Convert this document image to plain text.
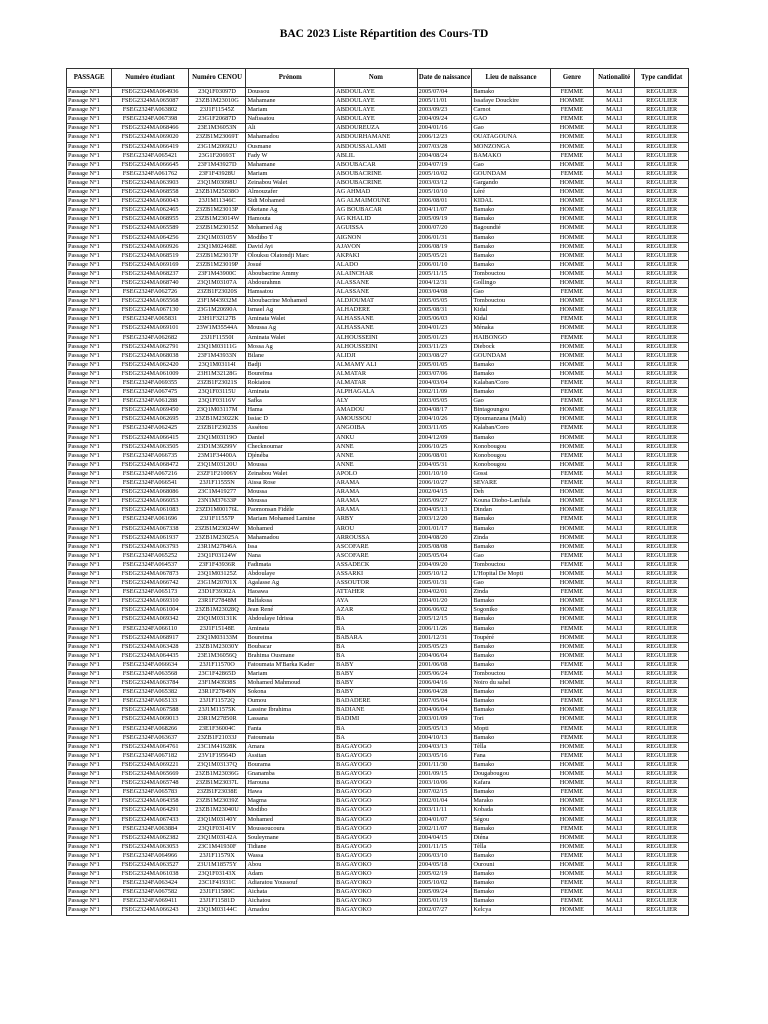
BAC 2023 Liste Répartition des Cours-TD
PASSAGE	Numéro étudiant	Numéro CENOU	Prénom	Nom	Date de naissance	Lieu de naissance	Genre	Nationalité	Type candidat
Passage N°1	FSEG2324MA064936	23Q1F03097D	Doussou	ABDOULAYE	2005/07/04	Bamako	FEMME	MALI	REGULIER
Passage N°1	FSEG2324MA065087	23ZB1M23010G	Mahamane	ABDOULAYE	2005/11/01	Issafaye Douckire	HOMME	MALI	REGULIER
Passage N°1	FSEG2324FA063802	23J1F11545Z	Mariam	ABDOULAYE	2003/09/23	Carnot	FEMME	MALI	REGULIER
Passage N°1	FSEG2324FA067398	23G1F20687D	Nafissatou	ABDOULAYE	2004/09/24	GAO	FEMME	MALI	REGULIER
Passage N°1	FSEG2324MA068466	23E1M36053N	Ali	ABDOUREUZA	2004/01/16	Gao	HOMME	MALI	REGULIER
Passage N°1	FSEG2324MA069020	23ZB1M23069T	Mahamadou	ABDOURHAMANE	2006/12/23	OUATAGOUNA	HOMME	MALI	REGULIER
Passage N°1	FSEG2324MA066419	23G1M20692U	Ousmane	ABDOUSSALAMI	2007/03/28	MONZONGA	HOMME	MALI	REGULIER
Passage N°1	FSEG2324FA065421	23G1F20693T	Fady W	ABLIL	2004/08/24	BAMAKO	FEMME	MALI	REGULIER
Passage N°1	FSEG2324MA066645	23F1M43927D	Mahamane	ABOUBACAR	2004/07/19	Gao	HOMME	MALI	REGULIER
Passage N°1	FSEG2324FA061762	23F1F43928U	Mariam	ABOUBACRINE	2005/10/02	GOUNDAM	FEMME	MALI	REGULIER
Passage N°1	FSEG2324MA063903	23Q1M03098U	Zeinabou Walet	ABOUBACRINE	2003/03/12	Gargando	HOMME	MALI	REGULIER
Passage N°1	FSEG2324MA068558	23ZB1M25038O	Almouzafer	AG AHMAD	2005/10/10	Léré	HOMME	MALI	REGULIER
Passage N°1	FSEG2324MA060043	23J1M11346C	Sidi Mohamed	AG ALMAIMOUNE	2006/08/01	KIDAL	HOMME	MALI	REGULIER
Passage N°1	FSEG2324MA062465	23ZB1M23013P	Oketane Ag	AG BOUBACAR	2004/11/07	Bamako	HOMME	MALI	REGULIER
Passage N°1	FSEG2324MA068955	23ZB1M23014W	Hamouta	AG KHALID	2005/09/19	Bamako	HOMME	MALI	REGULIER
Passage N°1	FSEG2324MA065589	23ZB1M23015Z	Mohamed Ag	AGUISSA	2000/07/20	Bagoundié	HOMME	MALI	REGULIER
Passage N°1	FSEG2324MA064256	23Q1M03105V	Modibo T	AIGNON	2006/01/31	Bamako	HOMME	MALI	REGULIER
Passage N°1	FSEG2324MA060926	23Q1M02468E	David Ayi	AJAVON	2006/08/19	Bamako	HOMME	MALI	REGULIER
Passage N°1	FSEG2324MA068519	23ZB1M23017F	Olouksu Olatondji Marc	AKPAKI	2005/05/21	Bamako	HOMME	MALI	REGULIER
Passage N°1	FSEG2324MA069169	23ZB1M23019P	Josué	ALADO	2006/01/10	Bamako	HOMME	MALI	REGULIER
Passage N°1	FSEG2324MA068237	23F1M43900C	Aboubacrine Ammy	ALAINCHAR	2005/11/15	Tombouctou	HOMME	MALI	REGULIER
Passage N°1	FSEG2324MA068740	23Q1M03107A	Abdourahmn	ALASSANE	2004/12/31	Gollingo	HOMME	MALI	REGULIER
Passage N°1	FSEG2324FA062726	23ZB1F23020S	Hamsatou	ALASSANE	2003/04/08	Gao	FEMME	MALI	REGULIER
Passage N°1	FSEG2324MA065568	23F1M43932M	Aboubacrine Mohamed	ALDJOUMAT	2005/05/05	Tombouctou	HOMME	MALI	REGULIER
Passage N°1	FSEG2324MA067130	23G1M20690A	Ismael Ag	ALHADERE	2005/08/31	Kidal	HOMME	MALI	REGULIER
Passage N°1	FSEG2324FA065831	23H1F32127B	Aminata Walet	ALHASSANE	2005/06/03	Kidal	FEMME	MALI	REGULIER
Passage N°1	FSEG2324MA069101	23W1M35544A	Moussa Ag	ALHASSANE	2004/01/23	Ménaka	HOMME	MALI	REGULIER
Passage N°1	FSEG2324FA062682	23J1F11550I	Aminata Walet	ALHOUSSEINI	2005/01/23	HAIBONGO	FEMME	MALI	REGULIER
Passage N°1	FSEG2324MA062791	23Q1M03111G	Mossa Ag	ALHOUSSEINI	2003/11/23	Diebock	HOMME	MALI	REGULIER
Passage N°1	FSEG2324MA068038	23F1M43933N	Bilane	ALIDJI	2003/08/27	GOUNDAM	HOMME	MALI	REGULIER
Passage N°1	FSEG2324MA062420	23Q1M03114I	Badji	ALMAMY ALI	2005/01/05	Bamako	HOMME	MALI	REGULIER
Passage N°1	FSEG2324MA061009	23H1M32128G	Boureïma	ALMATAR	2003/07/06	Bamako	HOMME	MALI	REGULIER
Passage N°1	FSEG2324FA069355	23ZB1F23021S	Rokiatou	ALMATAR	2004/03/04	Kalaban/Coro	FEMME	MALI	REGULIER
Passage N°1	FSEG2324FA067475	23Q1F03115U	Aminata	ALPHAGALA	2002/11/09	Bamako	FEMME	MALI	REGULIER
Passage N°1	FSEG2324FA061288	23Q1F03116V	Safka	ALY	2003/05/05	Gao	FEMME	MALI	REGULIER
Passage N°1	FSEG2324MA069450	23Q1M03117M	Hama	AMADOU	2004/08/17	Bintagoungou	HOMME	MALI	REGULIER
Passage N°1	FSEG2324MA062695	23ZB1M23022K	Issiac D	AMOUSSOU	2004/10/26	Djoumanzana (Mali)	HOMME	MALI	REGULIER
Passage N°1	FSEG2324FA062425	23ZB1F23023S	Assétou	ANGOIBA	2003/11/05	Kalaban/Coro	FEMME	MALI	REGULIER
Passage N°1	FSEG2324MA066415	23Q1M03119O	Daniel	ANKU	2004/12/09	Bamako	HOMME	MALI	REGULIER
Passage N°1	FSEG2324MA063505	23D1M39299V	Checknoumar	ANNE	2006/10/25	Konobougou	HOMME	MALI	REGULIER
Passage N°1	FSEG2324FA066735	23M1F34400A	Djénéba	ANNE	2006/08/01	Konobougou	FEMME	MALI	REGULIER
Passage N°1	FSEG2324MA068472	23Q1M03120U	Moussa	ANNE	2004/05/31	Konobougou	HOMME	MALI	REGULIER
Passage N°1	FSEG2324FA067216	23ZF1F21006Y	Zeinabou Walet	APOLO	2001/10/10	Gossi	FEMME	MALI	REGULIER
Passage N°1	FSEG2324FA066541	23J1F11555N	Aissa Rose	ARAMA	2006/10/27	SEVARE	FEMME	MALI	REGULIER
Passage N°1	FSEG2324MA068086	23C1M419277	Moussa	ARAMA	2002/04/15	Deh	HOMME	MALI	REGULIER
Passage N°1	FSEG2324MA066053	23N1M37633P	Moussa	ARAMA	2005/09/27	Kouna Diobo-Lanfiala	HOMME	MALI	REGULIER
Passage N°1	FSEG2324MA061083	23ZD1M00176L	Paomonsan Fidèle	ARAMA	2004/05/13	Dindan	HOMME	MALI	REGULIER
Passage N°1	FSEG2324FA061696	23J1F11557P	Mariam Mohamed Lamine	ARBY	2003/12/20	Bamako	FEMME	MALI	REGULIER
Passage N°1	FSEG2324MA067338	23ZB1M23024W	Mohamed	AROU	2001/01/17	Bamako	HOMME	MALI	REGULIER
Passage N°1	FSEG2324MA061937	23ZB1M23025A	Mahamadou	ARROUSSA	2004/08/20	Zinda	HOMME	MALI	REGULIER
Passage N°1	FSEG2324MA063793	23R1M27846A	Issa	ASCOFARE	2005/08/08	Bamako	HOMME	MALI	REGULIER
Passage N°1	FSEG2324FA065252	23Q1F03124W	Nana	ASCOFARE	2005/05/04	Gao	FEMME	MALI	REGULIER
Passage N°1	FSEG2324FA064537	23F1F43936R	Fadimata	ASSADECK	2004/09/20	Tombouctou	FEMME	MALI	REGULIER
Passage N°1	FSEG2324MA067873	23Q1M03125Z	Abdoulaye	ASSARKI	2005/10/12	L'Hopital De Mopti	HOMME	MALI	REGULIER
Passage N°1	FSEG2324MA066742	23G1M20701X	Agalasse Ag	ASSOUTOR	2005/01/31	Gao	HOMME	MALI	REGULIER
Passage N°1	FSEG2324FA065173	23D1F39302A	Haoawa	ATTAHER	2004/02/01	Zinda	FEMME	MALI	REGULIER
Passage N°1	FSEG2324MA069310	23R1F27848M	Balfakssa	AYA	2004/01/20	Bamako	HOMME	MALI	REGULIER
Passage N°1	FSEG2324MA061004	23ZB1M23028Q	Jean René	AZAR	2006/06/02	Sogoniko	HOMME	MALI	REGULIER
Passage N°1	FSEG2324MA069342	23Q1M03131K	Abdoulaye Idrissa	BA	2005/12/15	Bamako	HOMME	MALI	REGULIER
Passage N°1	FSEG2324FA066110	23J1F15148E	Aminata	BA	2006/11/26	Bamako	FEMME	MALI	REGULIER
Passage N°1	FSEG2324MA068917	23Q1M03133M	Boureima	BABARA	2001/12/31	Toupéré	HOMME	MALI	REGULIER
Passage N°1	FSEG2324MA063428	23ZB1M23030Y	Boubacar	BA	2005/05/23	Bamako	HOMME	MALI	REGULIER
Passage N°1	FSEG2324MA064435	23E1M36056Q	Brahima Ousmane	BA	2004/06/04	Bamako	HOMME	MALI	REGULIER
Passage N°1	FSEG2324FA066634	23J1F11570O	Fatoumata M'Barka Kader	BABY	2001/06/08	Bamako	FEMME	MALI	REGULIER
Passage N°1	FSEG2324FA063568	23C1F42865D	Mariam	BABY	2005/06/24	Tombouctou	FEMME	MALI	REGULIER
Passage N°1	FSEG2324MA063784	23F1M43938S	Mohamed Mahmoud	BABY	2006/04/16	Noiro du sahel	HOMME	MALI	REGULIER
Passage N°1	FSEG2324FA065382	23R1F27849N	Sokona	BABY	2006/04/28	Bamako	FEMME	MALI	REGULIER
Passage N°1	FSEG2324FA065133	23J1F11572Q	Oumou	BADADERE	2007/05/04	Bamako	FEMME	MALI	REGULIER
Passage N°1	FSEG2324MA067588	23J1M11575K	Lassine Ibrahima	BADIANE	2004/06/04	Bamako	HOMME	MALI	REGULIER
Passage N°1	FSEG2324MA069013	23R1M27850R	Lassana	BADIMI	2003/01/09	Tori	HOMME	MALI	REGULIER
Passage N°1	FSEG2324FA068266	23E1F36004C	Fanta	BA	2005/05/13	Mopti	FEMME	MALI	REGULIER
Passage N°1	FSEG2324FA063637	23ZB1F21033J	Fatoumata	BA	2004/10/13	Bamako	FEMME	MALI	REGULIER
Passage N°1	FSEG2324MA064761	23C1M41928K	Amara	BAGAYOGO	2004/03/13	Tèlla	HOMME	MALI	REGULIER
Passage N°1	FSEG2324FA067182	23V1F19564D	Assitan	BAGAYOGO	2003/05/16	Fana	FEMME	MALI	REGULIER
Passage N°1	FSEG2324MA069221	23Q1M03137Q	Bourama	BAGAYOGO	2001/11/30	Bamako	HOMME	MALI	REGULIER
Passage N°1	FSEG2324MA065669	23ZB1M23036G	Gnanamba	BAGAYOGO	2001/09/15	Dougabougou	HOMME	MALI	REGULIER
Passage N°1	FSEG2324MA065748	23ZB1M23037L	Harouna	BAGAYOGO	2003/10/06	Kafara	HOMME	MALI	REGULIER
Passage N°1	FSEG2324FA065783	23ZB1F23038E	Hawa	BAGAYOGO	2007/02/15	Bamako	FEMME	MALI	REGULIER
Passage N°1	FSEG2324MA064358	23ZB1M23039Z	Magma	BAGAYOGO	2002/01/04	Marako	HOMME	MALI	REGULIER
Passage N°1	FSEG2324MA064291	23ZB1M23040U	Modibo	BAGAYOGO	2003/11/11	Kobada	HOMME	MALI	REGULIER
Passage N°1	FSEG2324MA067433	23Q1M03140Y	Mohamed	BAGAYOGO	2004/01/07	Ségou	HOMME	MALI	REGULIER
Passage N°1	FSEG2324FA063884	23Q1F03141V	Moussoucoura	BAGAYOGO	2002/11/07	Bamako	FEMME	MALI	REGULIER
Passage N°1	FSEG2324MA062382	23Q1M03142A	Souleymane	BAGAYOGO	2004/04/15	Diéna	HOMME	MALI	REGULIER
Passage N°1	FSEG2324MA063053	23C1M41930F	Tidiane	BAGAYOGO	2001/11/15	Tèlla	HOMME	MALI	REGULIER
Passage N°1	FSEG2324FA064966	23J1F11579X	Wassa	BAGAYOGO	2006/03/10	Bamako	FEMME	MALI	REGULIER
Passage N°1	FSEG2324MA063527	23U1M18575Y	Abou	BAGAYOKO	2004/05/18	Ourouni	HOMME	MALI	REGULIER
Passage N°1	FSEG2324MA061038	23Q1F03143X	Adam	BAGAYOKO	2005/02/19	Bamako	HOMME	MALI	REGULIER
Passage N°1	FSEG2324FA063424	23C1F41931C	Adiaratou Youssouf	BAGAYOKO	2005/10/02	Bamako	FEMME	MALI	REGULIER
Passage N°1	FSEG2324FA067582	23J1F11580C	Aichata	BAGAYOKO	2005/09/24	Bamako	FEMME	MALI	REGULIER
Passage N°1	FSEG2324FA069411	23J1F11581D	Aichatou	BAGAYOKO	2005/01/19	Bamako	FEMME	MALI	REGULIER
Passage N°1	FSEG2324MA066243	23Q1M03144C	Amadou	BAGAYOKO	2002/07/27	Kelcya	HOMME	MALI	REGULIER
